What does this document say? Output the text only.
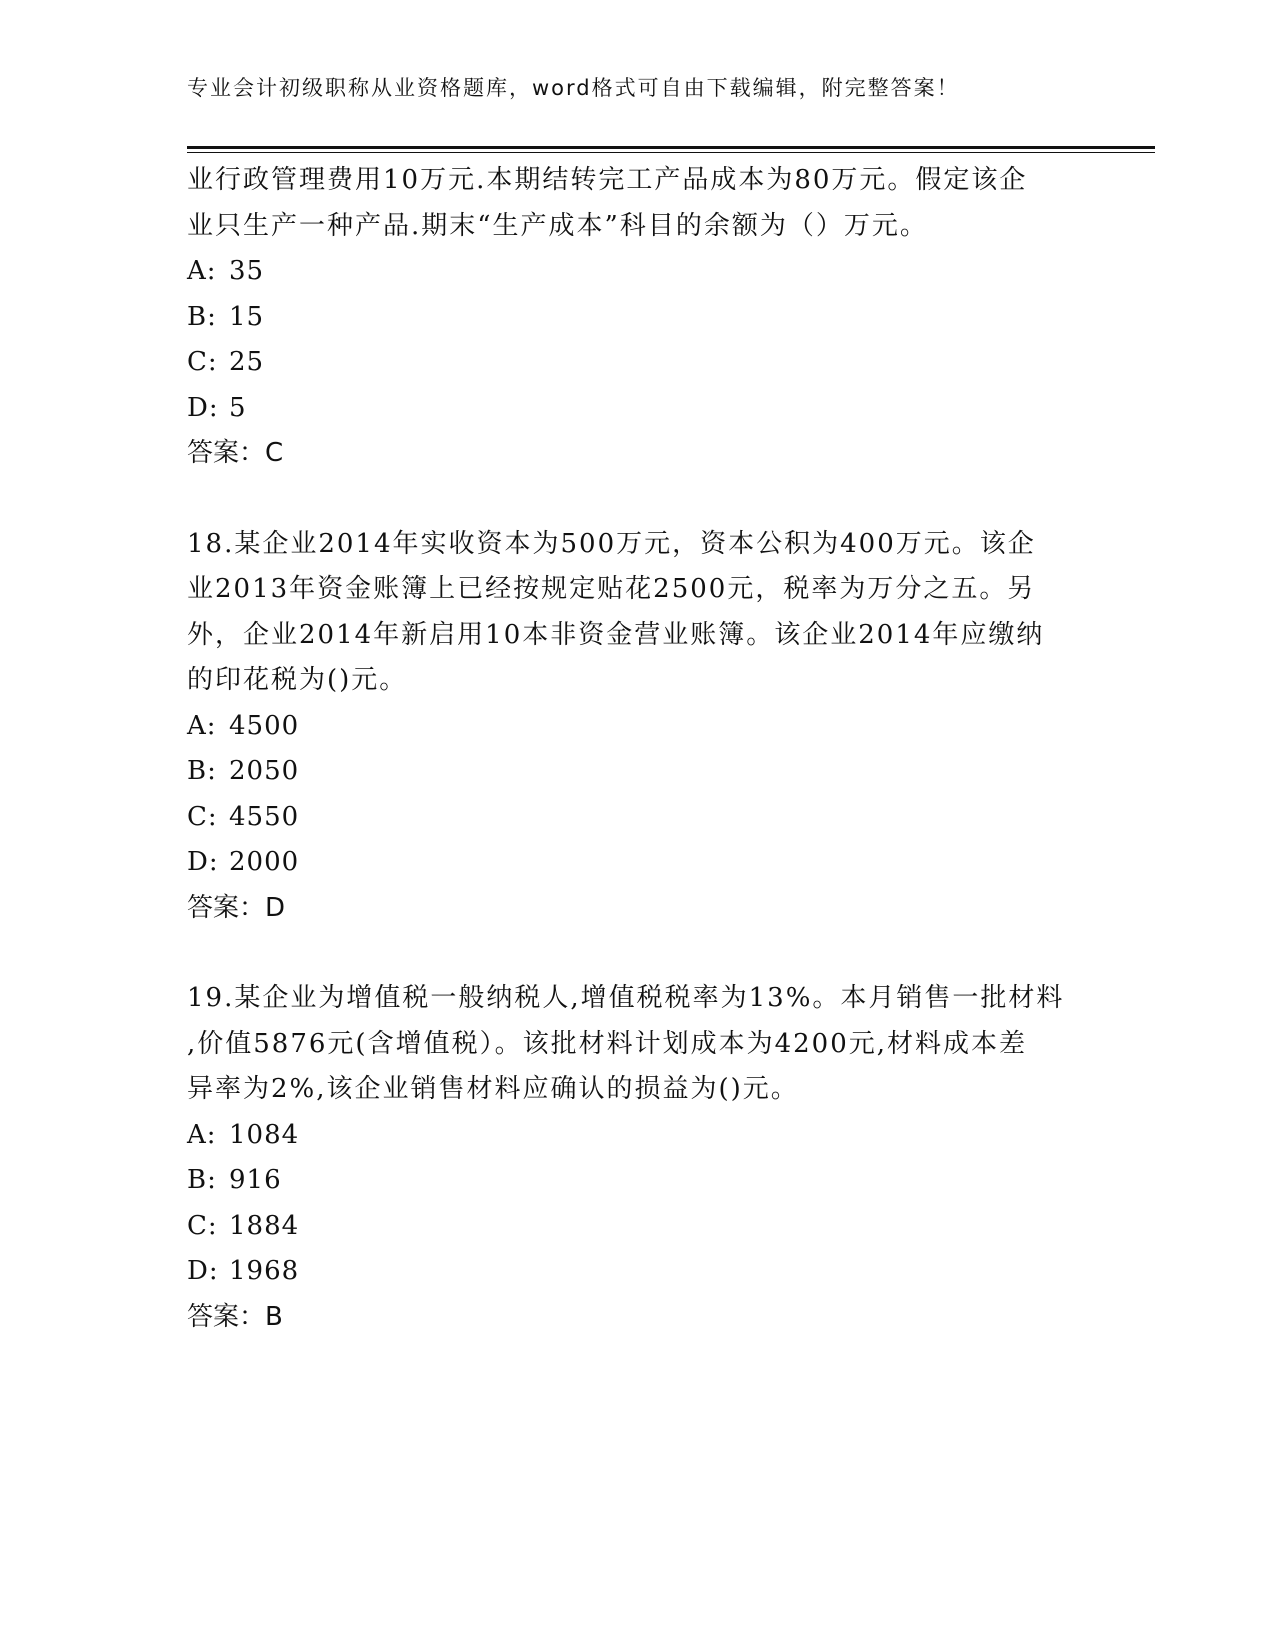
专业会计初级职称从业资格题库，word格式可自由下载编辑，附完整答案！

业行政管理费用10万元.本期结转完工产品成本为80万元。假定该企

业只生产一种产品.期末“生产成本”科目的余额为（）万元。

A: 35

B: 15

C: 25

D: 5

答案：C

18.某企业2014年实收资本为500万元，资本公积为400万元。该企

业2013年资金账簿上已经按规定贴花2500元，税率为万分之五。另

外，企业2014年新启用10本非资金营业账簿。该企业2014年应缴纳

的印花税为()元。

A: 4500

B: 2050

C: 4550

D: 2000

答案：D

19.某企业为增值税一般纳税人,增值税税率为13%。本月销售一批材料

,价值5876元(含增值税）。该批材料计划成本为4200元,材料成本差

异率为2%,该企业销售材料应确认的损益为()元。

A: 1084

B: 916

C: 1884

D: 1968

答案：B
